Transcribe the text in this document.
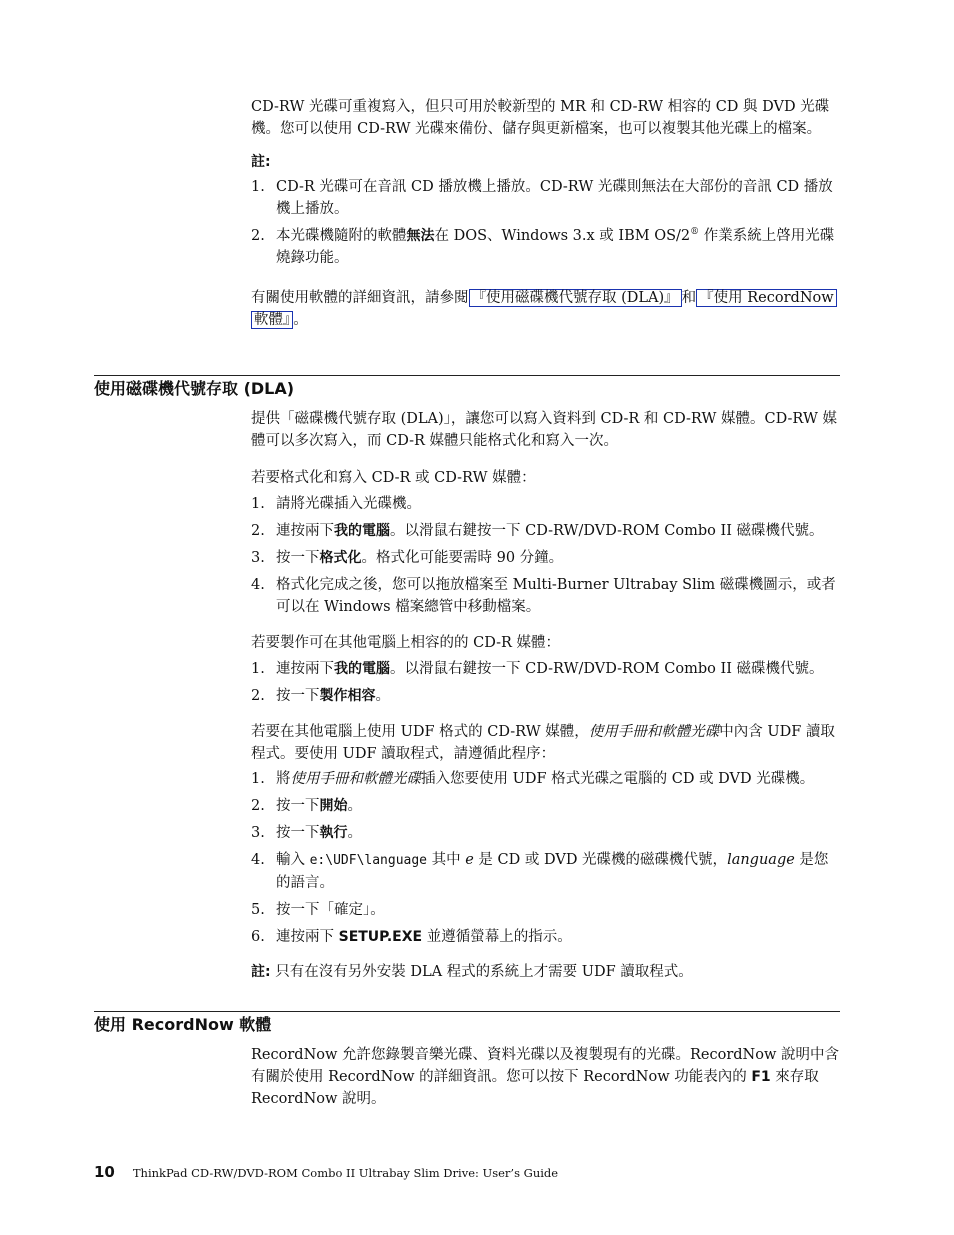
CD-RW 光碟可重複寫入，但只可用於較新型的 MR 和 CD-RW 相容的 CD 與 DVD 光碟機。您可以使用 CD-RW 光碟來備份、儲存與更新檔案，也可以複製其他光碟上的檔案。

註:
1. CD-R 光碟可在音訊 CD 播放機上播放。CD-RW 光碟則無法在大部份的音訊 CD 播放機上播放。
2. 本光碟機隨附的軟體無法在 DOS、Windows 3.x 或 IBM OS/2® 作業系統上啓用光碟燒錄功能。

有關使用軟體的詳細資訊，請參閱 『使用磁碟機代號存取 (DLA)』 和 『使用 RecordNow
軟體』 。

使用磁碟機代號存取 (DLA)

提供「磁碟機代號存取 (DLA)」，讓您可以寫入資料到 CD-R 和 CD-RW 媒體。CD-RW 媒體可以多次寫入，而 CD-R 媒體只能格式化和寫入一次。

若要格式化和寫入 CD-R 或 CD-RW 媒體：

1. 請將光碟插入光碟機。
2. 連按兩下我的電腦。以滑鼠右鍵按一下 CD-RW/DVD-ROM Combo II 磁碟機代號。
3. 按一下格式化。格式化可能要需時 90 分鐘。
4. 格式化完成之後，您可以拖放檔案至 Multi-Burner Ultrabay Slim 磁碟機圖示，或者可以在 Windows 檔案總管中移動檔案。

若要製作可在其他電腦上相容的的 CD-R 媒體：

1. 連按兩下我的電腦。以滑鼠右鍵按一下 CD-RW/DVD-ROM Combo II 磁碟機代號。
2. 按一下製作相容。

若要在其他電腦上使用 UDF 格式的 CD-RW 媒體，使用手冊和軟體光碟中內含 UDF 讀取程式。要使用 UDF 讀取程式，請遵循此程序：

1. 將使用手冊和軟體光碟插入您要使用 UDF 格式光碟之電腦的 CD 或 DVD 光碟機。
2. 按一下開始。
3. 按一下執行。
4. 輸入 e:\UDF\language 其中 e 是 CD 或 DVD 光碟機的磁碟機代號，language 是您的語言。
5. 按一下「確定」。
6. 連按兩下 SETUP.EXE 並遵循螢幕上的指示。

註: 只有在沒有另外安裝 DLA 程式的系統上才需要 UDF 讀取程式。

使用 RecordNow 軟體

RecordNow 允許您錄製音樂光碟、資料光碟以及複製現有的光碟。RecordNow 說明中含有關於使用 RecordNow 的詳細資訊。您可以按下 RecordNow 功能表內的 F1 來存取 RecordNow 說明。

10 ThinkPad CD-RW/DVD-ROM Combo II Ultrabay Slim Drive: User’s Guide
